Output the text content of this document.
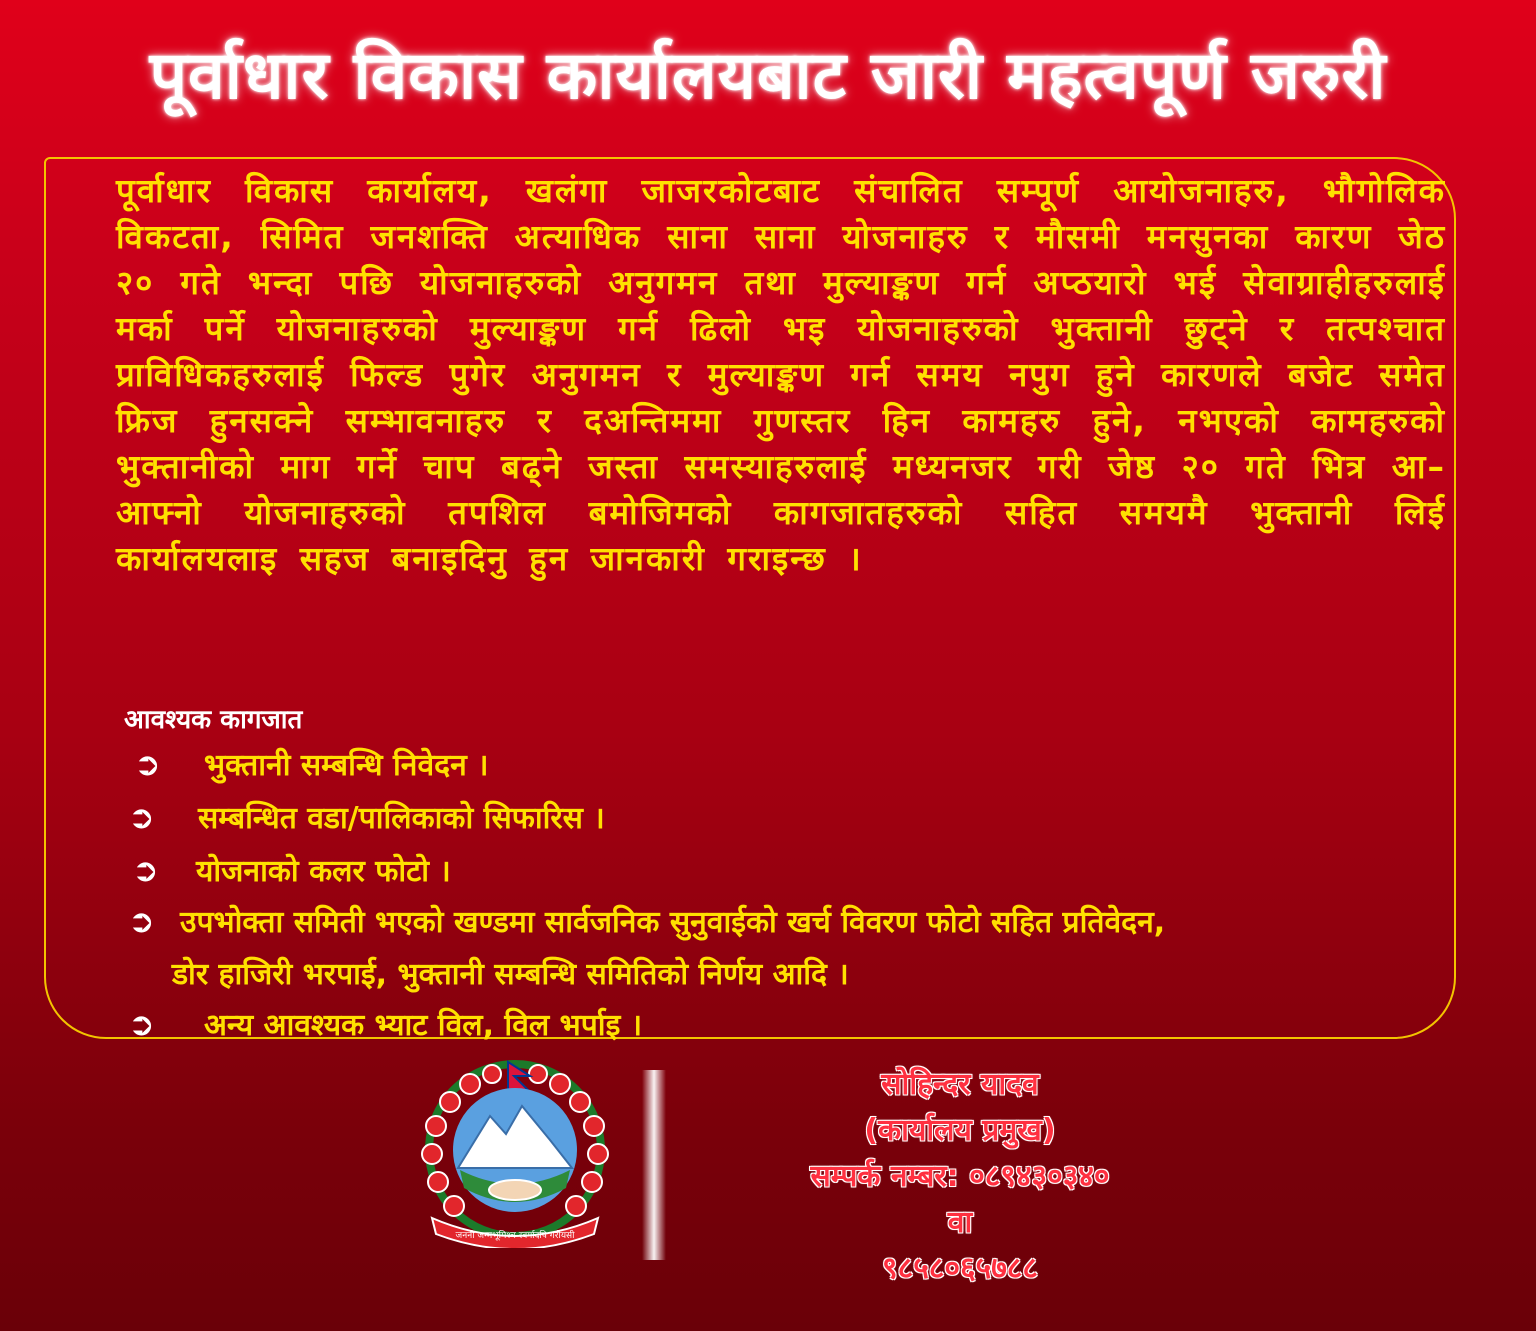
पूर्वाधार विकास कार्यालयबाट जारी महत्वपूर्ण जरुरी
पूर्वाधार विकास कार्यालय, खलंगा जाजरकोटबाट संचालित सम्पूर्ण आयोजनाहरु, भौगोलिक विकटता, सिमित जनशक्ति अत्याधिक साना साना योजनाहरु र मौसमी मनसुनका कारण जेठ २० गते भन्दा पछि योजनाहरुको अनुगमन तथा मुल्याङ्कण गर्न अप्ठयारो भई सेवाग्राहीहरुलाई मर्का पर्ने योजनाहरुको मुल्याङ्कण गर्न ढिलो भइ योजनाहरुको भुक्तानी छुट्ने र तत्पश्चात प्राविधिकहरुलाई फिल्ड पुगेर अनुगमन र मुल्याङ्कण गर्न समय नपुग हुने कारणले बजेट समेत फ्रिज हुनसक्ने सम्भावनाहरु र दअन्तिममा गुणस्तर हिन कामहरु हुने, नभएको कामहरुको भुक्तानीको माग गर्ने चाप बढ्ने जस्ता समस्याहरुलाई मध्यनजर गरी जेष्ठ २० गते भित्र आ–आफ्नो योजनाहरुको तपशिल बमोजिमको कागजातहरुको सहित समयमै भुक्तानी लिई कार्यालयलाइ सहज बनाइदिनु हुन जानकारी गराइन्छ ।
आवश्यक कागजात
➲ भुक्तानी सम्बन्धि निवेदन ।
➲ सम्बन्धित वडा/पालिकाको सिफारिस ।
➲ योजनाको कलर फोटो ।
➲ उपभोक्ता समिती भएको खण्डमा सार्वजनिक सुनुवाईको खर्च विवरण फोटो सहित प्रतिवेदन,
डोर हाजिरी भरपाई, भुक्तानी सम्बन्धि समितिको निर्णय आदि ।
➲ अन्य आवश्यक भ्याट विल, विल भर्पाइ ।
जननी जन्मभूमिश्च स्वर्गादपि गरीयसी
सोहिन्दर यादव
(कार्यालय प्रमुख)
सम्पर्क नम्बर: ०८९४३०३४०
वा
९८५८०६५७८८
